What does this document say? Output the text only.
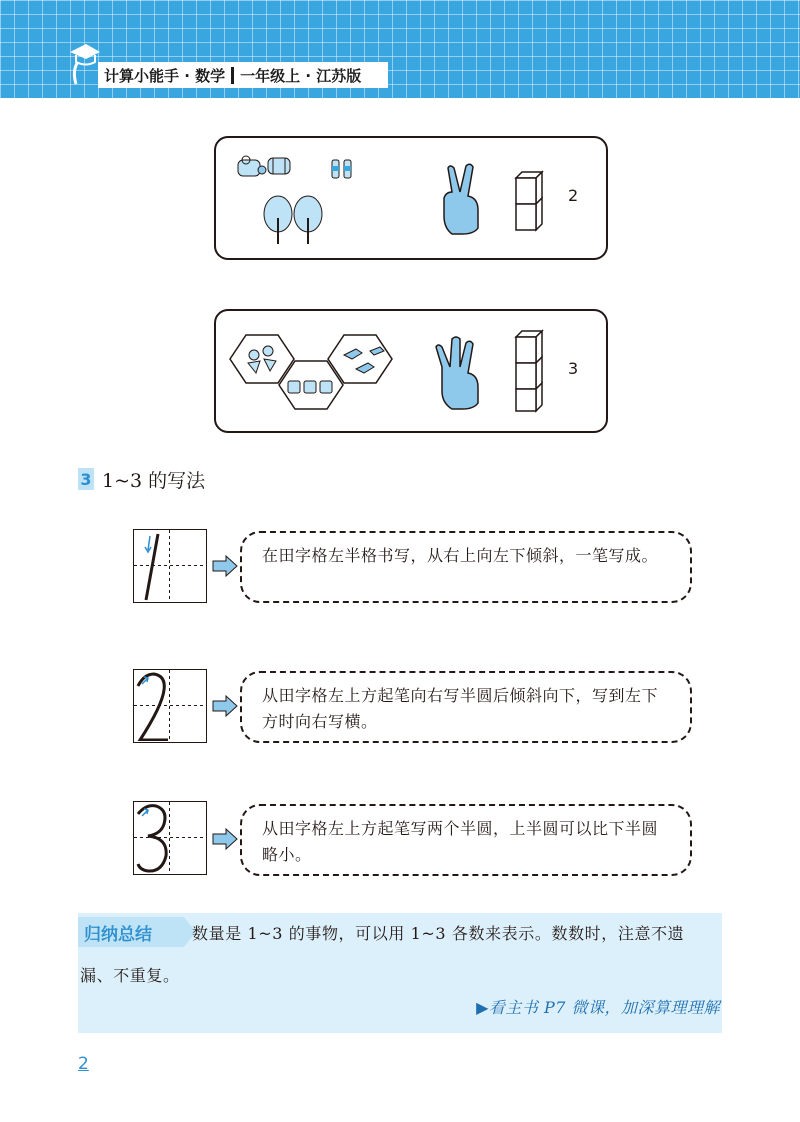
计算小能手 · 数学 一年级上 · 江苏版
2
3
3 1~3 的写法
在田字格左半格书写，从右上向左下倾斜，一笔写成。
从田字格左上方起笔向右写半圆后倾斜向下，写到左下方时向右写横。
从田字格左上方起笔写两个半圆，上半圆可以比下半圆略小。
归纳总结	数量是 1~3 的事物，可以用 1~3 各数来表示。数数时，注意不遗
漏、不重复。
▶看主书 P7 微课，加深算理理解
2
